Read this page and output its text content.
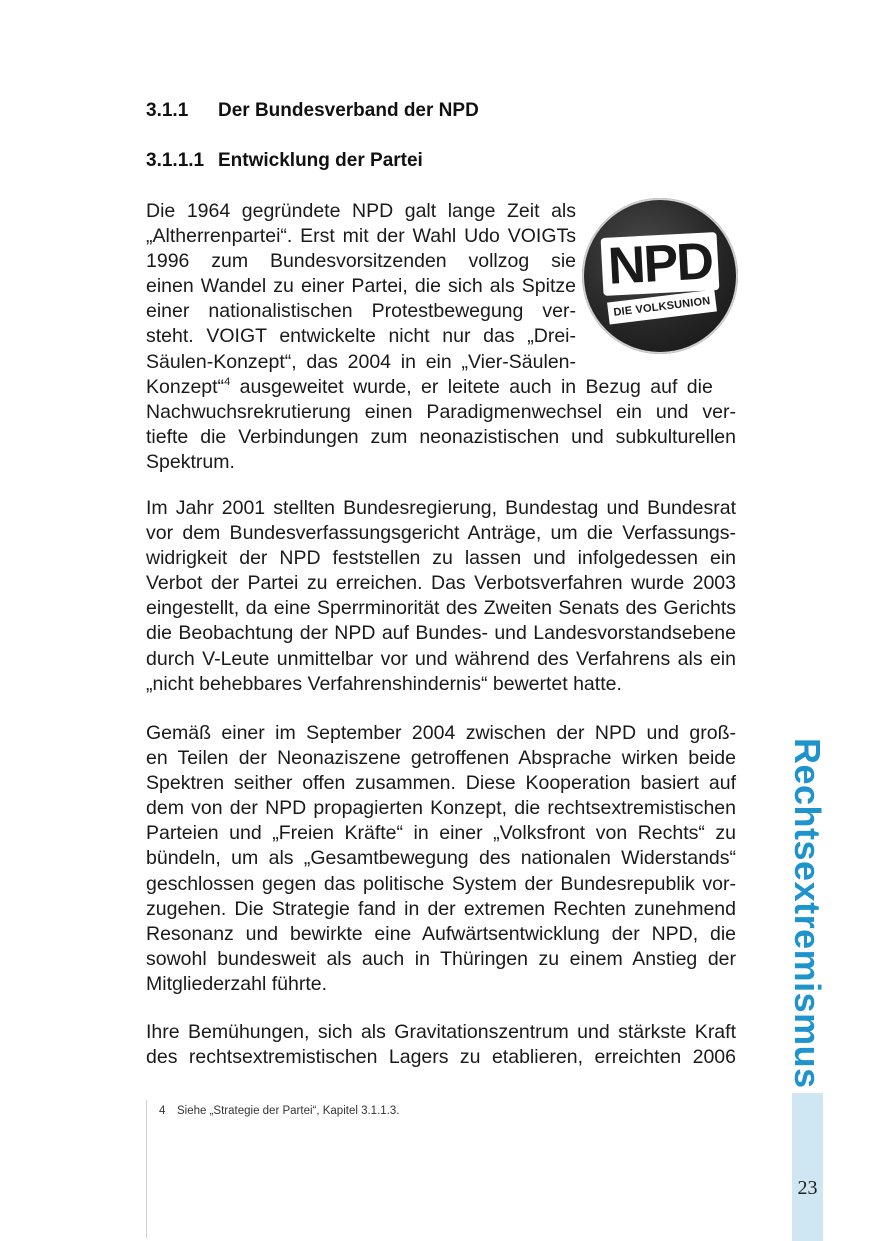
3.1.1 Der Bundesverband der NPD
3.1.1.1 Entwicklung der Partei
NPD
DIE VOLKSUNION
Die 1964 gegründete NPD galt lange Zeit als
„Altherrenpartei“. Erst mit der Wahl Udo VOIGTs
1996 zum Bundesvorsitzenden vollzog sie
einen Wandel zu einer Partei, die sich als Spitze
einer nationalistischen Protestbewegung ver-
steht. VOIGT entwickelte nicht nur das „Drei-
Säulen-Konzept“, das 2004 in ein „Vier-Säulen-
Konzept“$^4$ ausgeweitet wurde, er leitete auch in Bezug auf die
Nachwuchsrekrutierung einen Paradigmenwechsel ein und ver-
tiefte die Verbindungen zum neonazistischen und subkulturellen
Spektrum.
Im Jahr 2001 stellten Bundesregierung, Bundestag und Bundesrat
vor dem Bundesverfassungsgericht Anträge, um die Verfassungs-
widrigkeit der NPD feststellen zu lassen und infolgedessen ein
Verbot der Partei zu erreichen. Das Verbotsverfahren wurde 2003
eingestellt, da eine Sperrminorität des Zweiten Senats des Gerichts
die Beobachtung der NPD auf Bundes- und Landesvorstandsebene
durch V-Leute unmittelbar vor und während des Verfahrens als ein
„nicht behebbares Verfahrenshindernis“ bewertet hatte.
Gemäß einer im September 2004 zwischen der NPD und groß-
en Teilen der Neonaziszene getroffenen Absprache wirken beide
Spektren seither offen zusammen. Diese Kooperation basiert auf
dem von der NPD propagierten Konzept, die rechtsextremistischen
Parteien und „Freien Kräfte“ in einer „Volksfront von Rechts“ zu
bündeln, um als „Gesamtbewegung des nationalen Widerstands“
geschlossen gegen das politische System der Bundesrepublik vor-
zugehen. Die Strategie fand in der extremen Rechten zunehmend
Resonanz und bewirkte eine Aufwärtsentwicklung der NPD, die
sowohl bundesweit als auch in Thüringen zu einem Anstieg der
Mitgliederzahl führte.
Ihre Bemühungen, sich als Gravitationszentrum und stärkste Kraft
des rechtsextremistischen Lagers zu etablieren, erreichten 2006
4 Siehe „Strategie der Partei“, Kapitel 3.1.1.3.
Rechtsextremismus
23
